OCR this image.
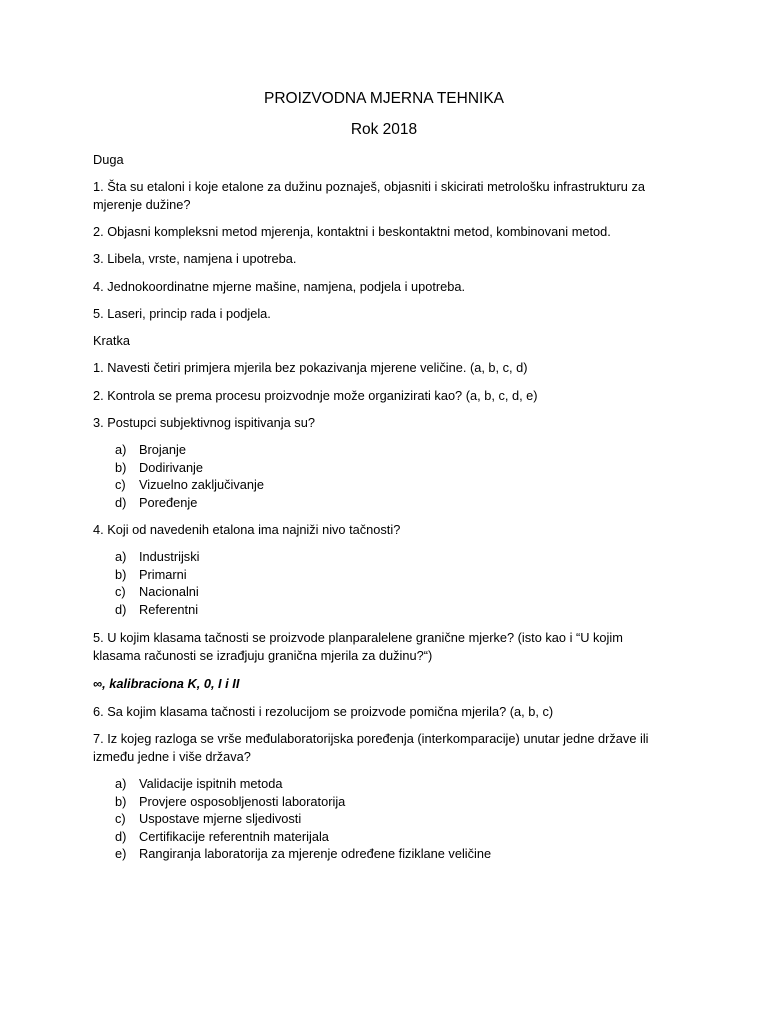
PROIZVODNA MJERNA TEHNIKA
Rok 2018
Duga
1. Šta su etaloni i koje etalone za dužinu poznaješ, objasniti i skicirati metrološku infrastrukturu za
mjerenje dužine?
2. Objasni kompleksni metod mjerenja, kontaktni i beskontaktni metod, kombinovani metod.
3. Libela, vrste, namjena i upotreba.
4. Jednokoordinatne mjerne mašine, namjena, podjela i upotreba.
5. Laseri, princip rada i podjela.
Kratka
1. Navesti četiri primjera mjerila bez pokazivanja mjerene veličine. (a, b, c, d)
2. Kontrola se prema procesu proizvodnje može organizirati kao? (a, b, c, d, e)
3. Postupci subjektivnog ispitivanja su?
a) Brojanje
b) Dodirivanje
c) Vizuelno zaključivanje
d) Poređenje
4. Koji od navedenih etalona ima najniži nivo tačnosti?
a) Industrijski
b) Primarni
c) Nacionalni
d) Referentni
5. U kojim klasama tačnosti se proizvode planparalelene granične mjerke? (isto kao i “U kojim
klasama računosti se izrađjuju granična mjerila za dužinu?“)
∞, kalibraciona K, 0, I i II
6. Sa kojim klasama tačnosti i rezolucijom se proizvode pomična mjerila? (a, b, c)
7. Iz kojeg razloga se vrše međulaboratorijska poređenja (interkomparacije) unutar jedne države ili
između jedne i više država?
a) Validacije ispitnih metoda
b) Provjere osposobljenosti laboratorija
c) Uspostave mjerne sljedivosti
d) Certifikacije referentnih materijala
e) Rangiranja laboratorija za mjerenje određene fiziklane veličine
